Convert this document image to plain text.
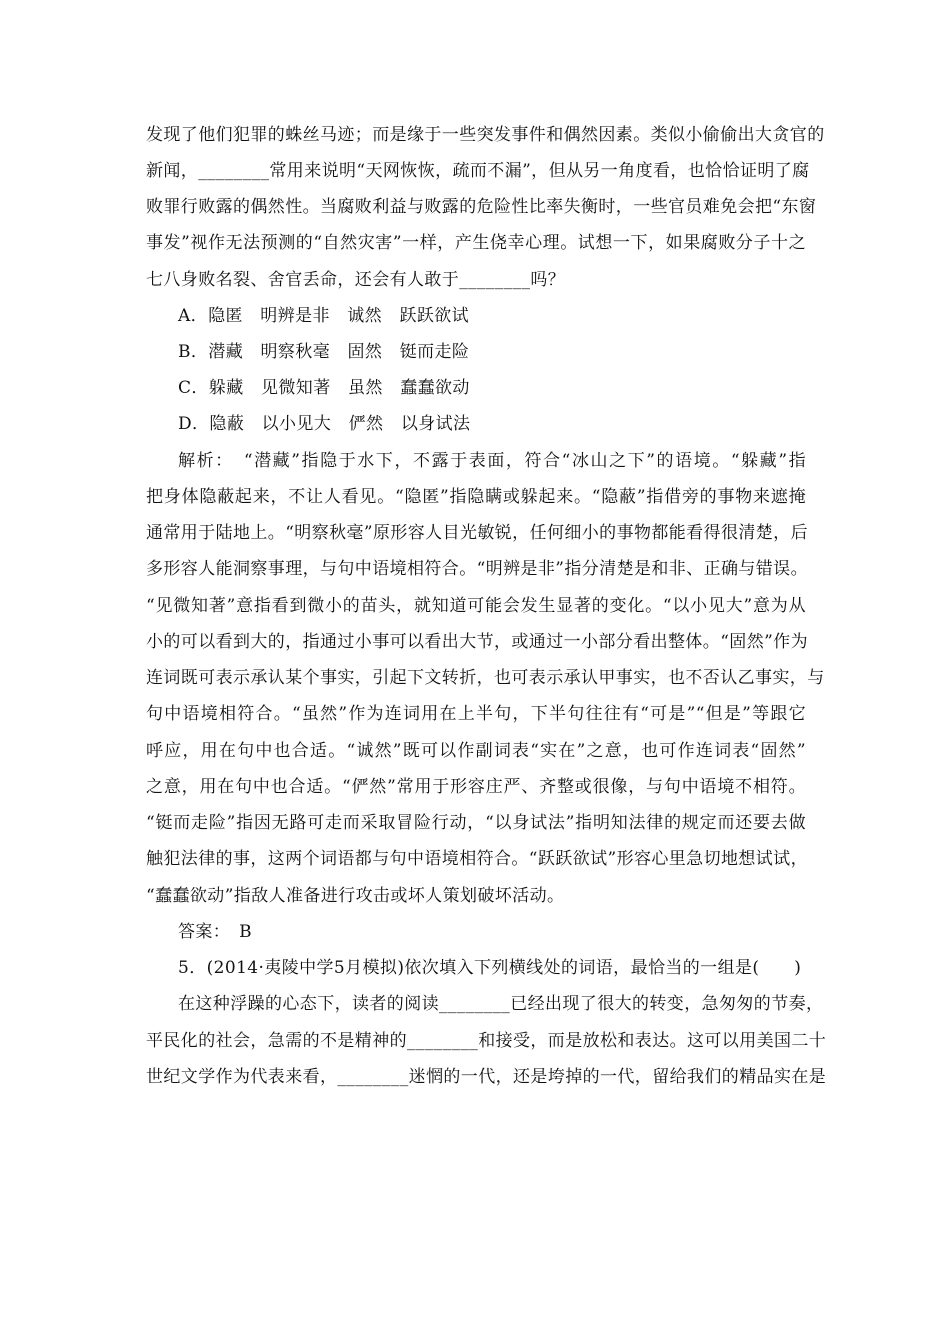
发现了他们犯罪的蛛丝马迹；而是缘于一些突发事件和偶然因素。类似小偷偷出大贪官的
新闻，________常用来说明“天网恢恢，疏而不漏”，但从另一角度看，也恰恰证明了腐
败罪行败露的偶然性。当腐败利益与败露的危险性比率失衡时，一些官员难免会把“东窗
事发”视作无法预测的“自然灾害”一样，产生侥幸心理。试想一下，如果腐败分子十之
七八身败名裂、舍官丢命，还会有人敢于________吗？
A．隐匿　明辨是非　诚然　跃跃欲试
B．潜藏　明察秋毫　固然　铤而走险
C．躲藏　见微知著　虽然　蠢蠢欲动
D．隐蔽　以小见大　俨然　以身试法
解析：　“潜藏”指隐于水下，不露于表面，符合“冰山之下”的语境。“躲藏”指
把身体隐蔽起来，不让人看见。“隐匿”指隐瞒或躲起来。“隐蔽”指借旁的事物来遮掩
通常用于陆地上。“明察秋毫”原形容人目光敏锐，任何细小的事物都能看得很清楚，后
多形容人能洞察事理，与句中语境相符合。“明辨是非”指分清楚是和非、正确与错误。
“见微知著”意指看到微小的苗头，就知道可能会发生显著的变化。“以小见大”意为从
小的可以看到大的，指通过小事可以看出大节，或通过一小部分看出整体。“固然”作为
连词既可表示承认某个事实，引起下文转折，也可表示承认甲事实，也不否认乙事实，与
句中语境相符合。“虽然”作为连词用在上半句，下半句往往有“可是”“但是”等跟它
呼应，用在句中也合适。“诚然”既可以作副词表“实在”之意，也可作连词表“固然”
之意，用在句中也合适。“俨然”常用于形容庄严、齐整或很像，与句中语境不相符。
“铤而走险”指因无路可走而采取冒险行动，“以身试法”指明知法律的规定而还要去做
触犯法律的事，这两个词语都与句中语境相符合。“跃跃欲试”形容心里急切地想试试，
“蠢蠢欲动”指敌人准备进行攻击或坏人策划破坏活动。
答案：　B
5．(2014·夷陵中学5月模拟)依次填入下列横线处的词语，最恰当的一组是(　　)
在这种浮躁的心态下，读者的阅读________已经出现了很大的转变，急匆匆的节奏，
平民化的社会，急需的不是精神的________和接受，而是放松和表达。这可以用美国二十
世纪文学作为代表来看，________迷惘的一代，还是垮掉的一代，留给我们的精品实在是
